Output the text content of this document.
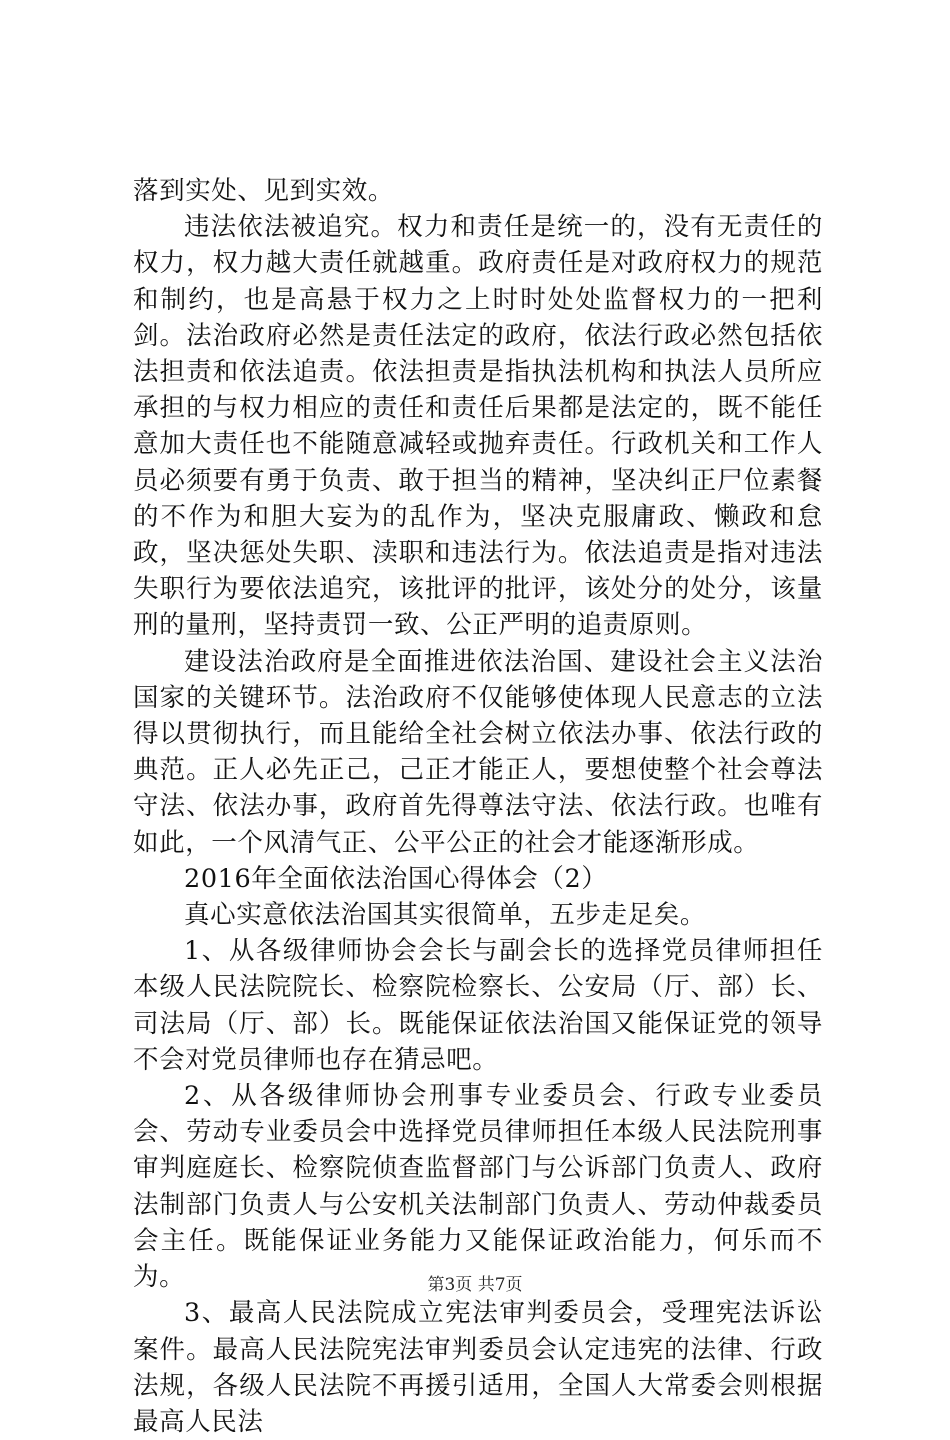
落到实处、见到实效。

违法依法被追究。权力和责任是统一的，没有无责任的权力，权力越大责任就越重。政府责任是对政府权力的规范和制约，也是高悬于权力之上时时处处监督权力的一把利剑。法治政府必然是责任法定的政府，依法行政必然包括依法担责和依法追责。依法担责是指执法机构和执法人员所应承担的与权力相应的责任和责任后果都是法定的，既不能任意加大责任也不能随意减轻或抛弃责任。行政机关和工作人员必须要有勇于负责、敢于担当的精神，坚决纠正尸位素餐的不作为和胆大妄为的乱作为，坚决克服庸政、懒政和怠政，坚决惩处失职、渎职和违法行为。依法追责是指对违法失职行为要依法追究，该批评的批评，该处分的处分，该量刑的量刑，坚持责罚一致、公正严明的追责原则。

建设法治政府是全面推进依法治国、建设社会主义法治国家的关键环节。法治政府不仅能够使体现人民意志的立法得以贯彻执行，而且能给全社会树立依法办事、依法行政的典范。正人必先正己，己正才能正人，要想使整个社会尊法守法、依法办事，政府首先得尊法守法、依法行政。也唯有如此，一个风清气正、公平公正的社会才能逐渐形成。

2016年全面依法治国心得体会（2）

真心实意依法治国其实很简单，五步走足矣。

1、从各级律师协会会长与副会长的选择党员律师担任本级人民法院院长、检察院检察长、公安局（厅、部）长、司法局（厅、部）长。既能保证依法治国又能保证党的领导不会对党员律师也存在猜忌吧。

2、从各级律师协会刑事专业委员会、行政专业委员会、劳动专业委员会中选择党员律师担任本级人民法院刑事审判庭庭长、检察院侦查监督部门与公诉部门负责人、政府法制部门负责人与公安机关法制部门负责人、劳动仲裁委员会主任。既能保证业务能力又能保证政治能力，何乐而不为。

3、最高人民法院成立宪法审判委员会，受理宪法诉讼案件。最高人民法院宪法审判委员会认定违宪的法律、行政法规，各级人民法院不再援引适用，全国人大常委会则根据最高人民法

第3页 共7页
